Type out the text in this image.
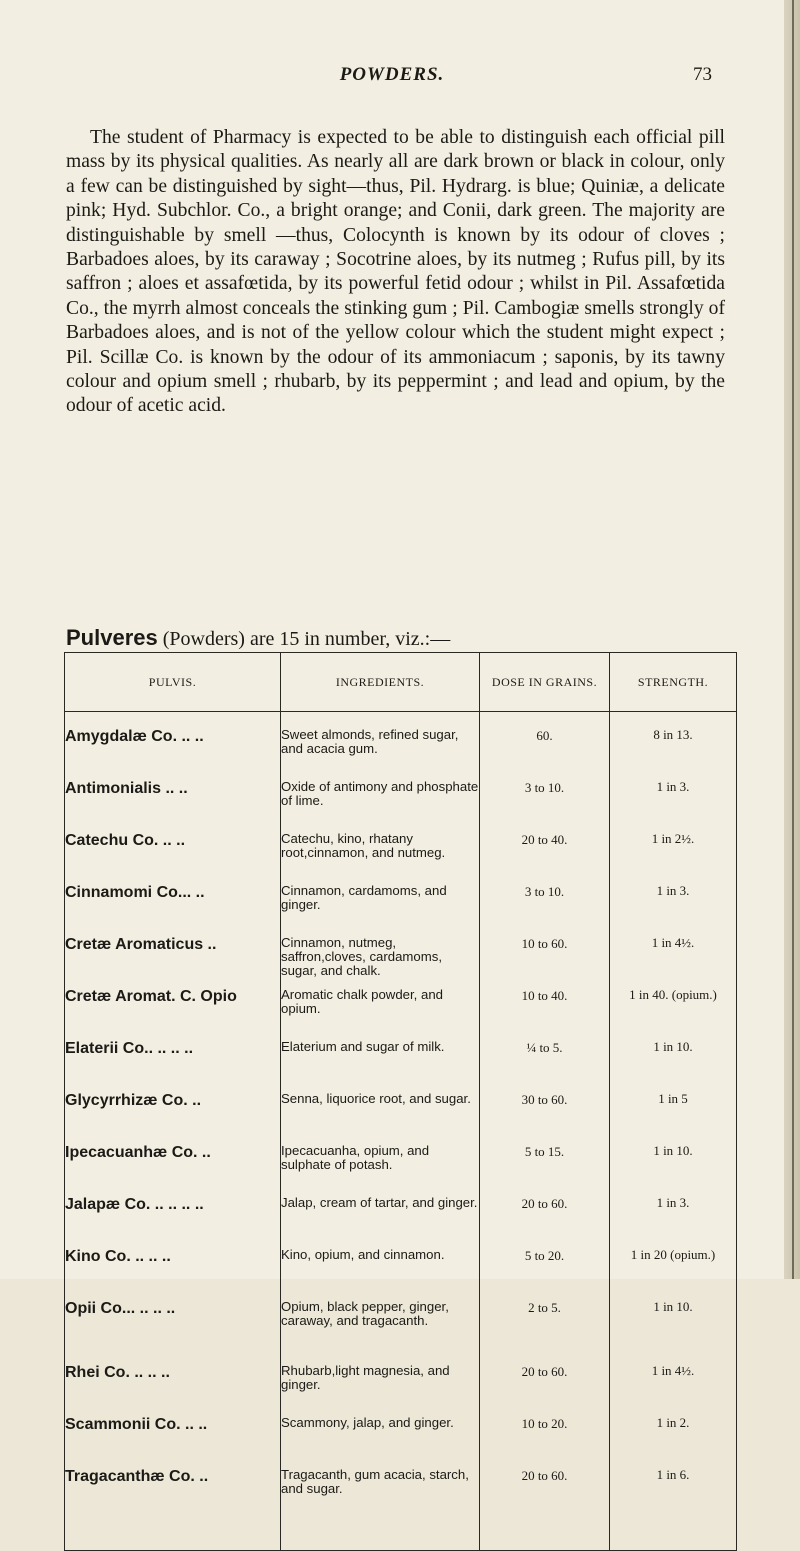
POWDERS.	73

The student of Pharmacy is expected to be able to distinguish each official pill mass by its physical qualities. As nearly all are dark brown or black in colour, only a few can be distinguished by sight—thus, Pil. Hydrarg. is blue; Quiniæ, a delicate pink; Hyd. Subchlor. Co., a bright orange; and Conii, dark green. The majority are distinguishable by smell —thus, Colocynth is known by its odour of cloves ; Barbadoes aloes, by its caraway ; Socotrine aloes, by its nutmeg ; Rufus pill, by its saffron ; aloes et assafœtida, by its powerful fetid odour ; whilst in Pil. Assafœtida Co., the myrrh almost conceals the stinking gum ; Pil. Cambogiæ smells strongly of Barbadoes aloes, and is not of the yellow colour which the student might expect ; Pil. Scillæ Co. is known by the odour of its ammoniacum ; saponis, by its tawny colour and opium smell ; rhubarb, by its peppermint ; and lead and opium, by the odour of acetic acid.

Pulveres (Powders) are 15 in number, viz.:—
PULVIS.	INGREDIENTS.	DOSE IN GRAINS.	STRENGTH.

Amygdalæ Co. .. ..	Sweet almonds, refined sugar, and acacia gum.	60.	8 in 13.
Antimonialis .. ..	Oxide of antimony and phosphate of lime.	3 to 10.	1 in 3.
Catechu Co. .. ..	Catechu, kino, rhatany root,cinnamon, and nutmeg.	20 to 40.	1 in 2½.
Cinnamomi Co... ..	Cinnamon, cardamoms, and ginger.	3 to 10.	1 in 3.
Cretæ Aromaticus ..	Cinnamon, nutmeg, saffron,cloves, cardamoms, sugar, and chalk.	10 to 60.	1 in 4½.
Cretæ Aromat. C. Opio	Aromatic chalk powder, and opium.	10 to 40.	1 in 40. (opium.)
Elaterii Co.. .. .. ..	Elaterium and sugar of milk.	¼ to 5.	1 in 10.
Glycyrrhizæ Co. ..	Senna, liquorice root, and sugar.	30 to 60.	1 in 5
Ipecacuanhæ Co. ..	Ipecacuanha, opium, and sulphate of potash.	5 to 15.	1 in 10.
Jalapæ Co. .. .. .. ..	Jalap, cream of tartar, and ginger.	20 to 60.	1 in 3.
Kino Co. .. .. ..	Kino, opium, and cinnamon.	5 to 20.	1 in 20 (opium.)
Opii Co... .. .. ..	Opium, black pepper, ginger, caraway, and tragacanth.	2 to 5.	1 in 10.
Rhei Co. .. .. ..	Rhubarb,light magnesia, and ginger.	20 to 60.	1 in 4½.
Scammonii Co. .. ..	Scammony, jalap, and ginger.	10 to 20.	1 in 2.
Tragacanthæ Co. ..	Tragacanth, gum acacia, starch, and sugar.	20 to 60.	1 in 6.
